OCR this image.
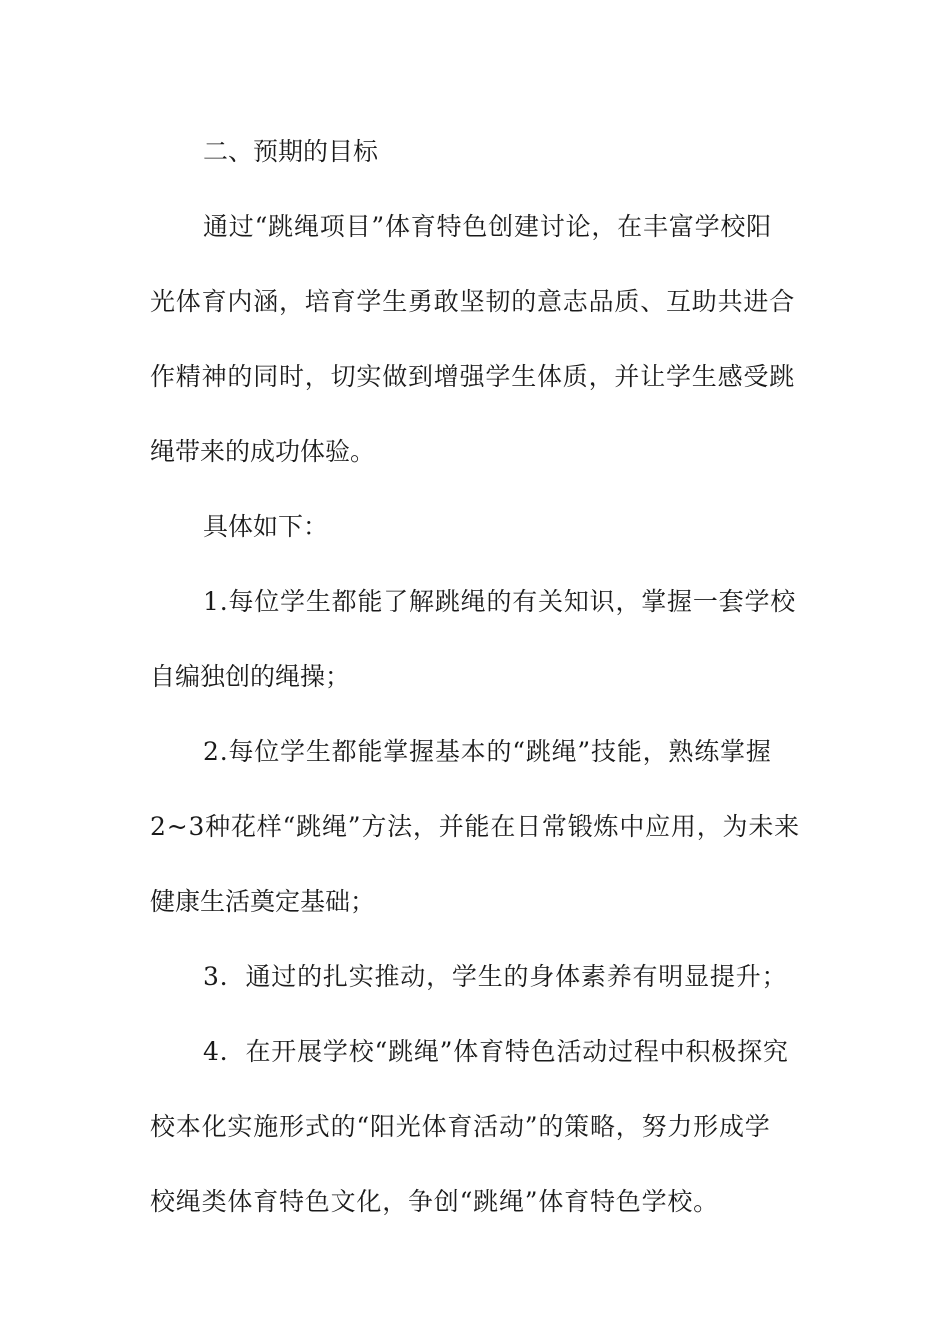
二、预期的目标
通过“跳绳项目”体育特色创建讨论，在丰富学校阳
光体育内涵，培育学生勇敢坚韧的意志品质、互助共进合
作精神的同时，切实做到增强学生体质，并让学生感受跳
绳带来的成功体验。
具体如下：
1.每位学生都能了解跳绳的有关知识，掌握一套学校
自编独创的绳操；
2.每位学生都能掌握基本的“跳绳”技能，熟练掌握
2~3种花样“跳绳”方法，并能在日常锻炼中应用，为未来
健康生活奠定基础；
3．通过的扎实推动，学生的身体素养有明显提升；
4．在开展学校“跳绳”体育特色活动过程中积极探究
校本化实施形式的“阳光体育活动”的策略，努力形成学
校绳类体育特色文化，争创“跳绳”体育特色学校。
